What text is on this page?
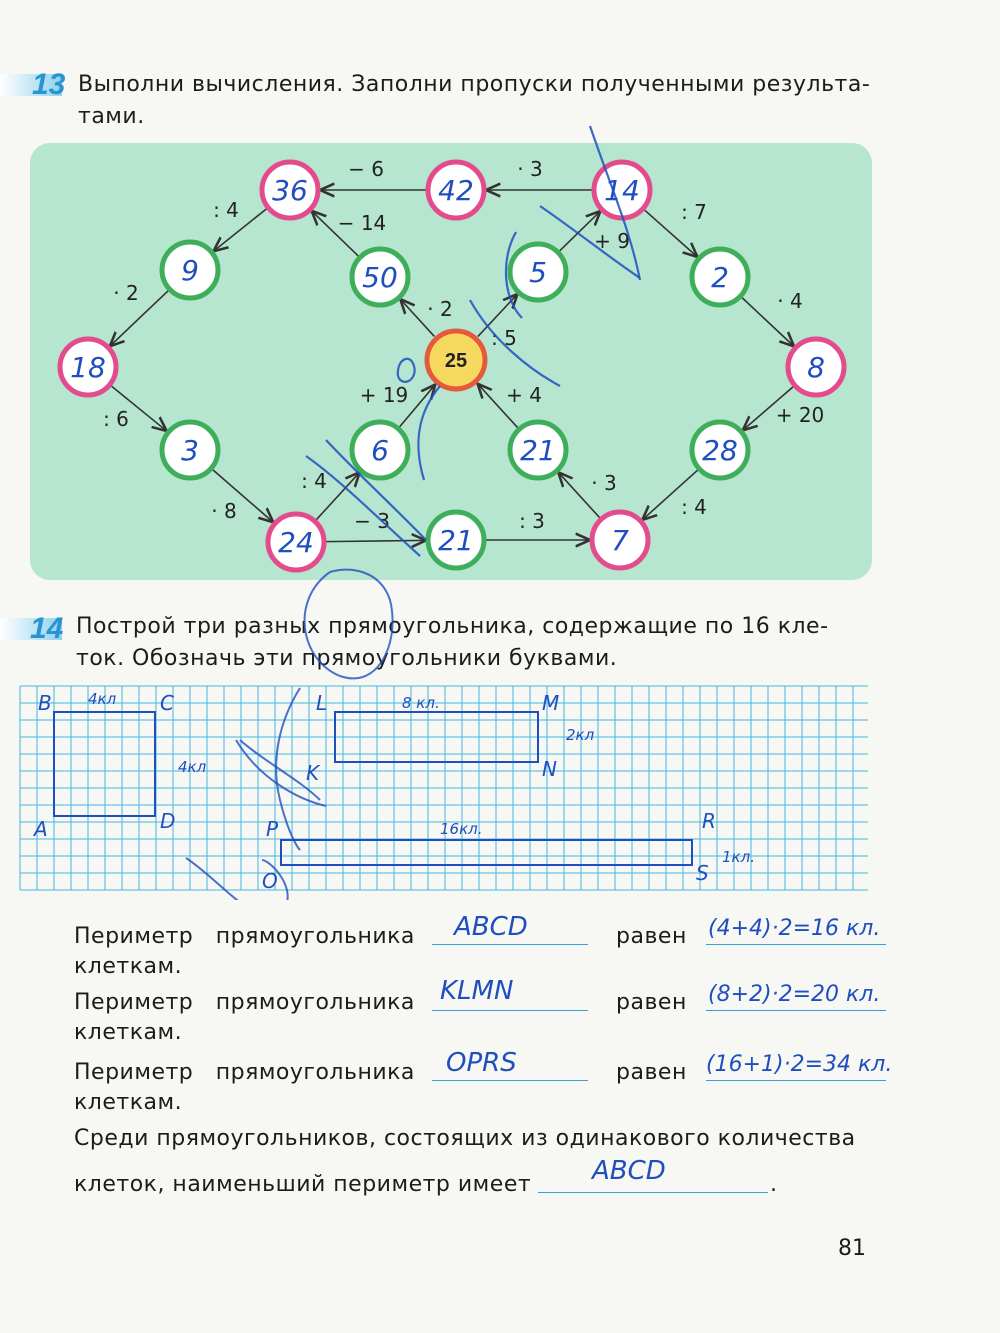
13 Выполни вычисления. Заполни пропуски полученными результа-
тами.
36	42	14
9	50	5	2
18	8
3	6	21	28
24	21	7
25
− 6	· 3
: 4
− 14
+ 9
: 7
· 2
· 2
: 5
· 4
: 6
+ 19	+ 4
+ 20
: 4	· 3
· 8	− 3	: 3
: 4
14 Построй три разных прямоугольника, содержащие по 16 кле-
ток. Обозначь эти прямоугольники буквами.
B	C
A	D
L	M
K	N
P	R
O	S
4кл
4кл
8 кл.
2кл
16кл.
1кл.
Периметр   прямоугольника ABCD	равен (4+4)·2=16 кл.
клеткам.
Периметр   прямоугольника KLMN	равен (8+2)·2=20 кл.
клеткам.
Периметр   прямоугольника OPRS	равен (16+1)·2=34 кл.
клеткам.
Среди прямоугольников, состоящих из одинакового количества
клеток, наименьший периметр имеет ABCD	.
81
